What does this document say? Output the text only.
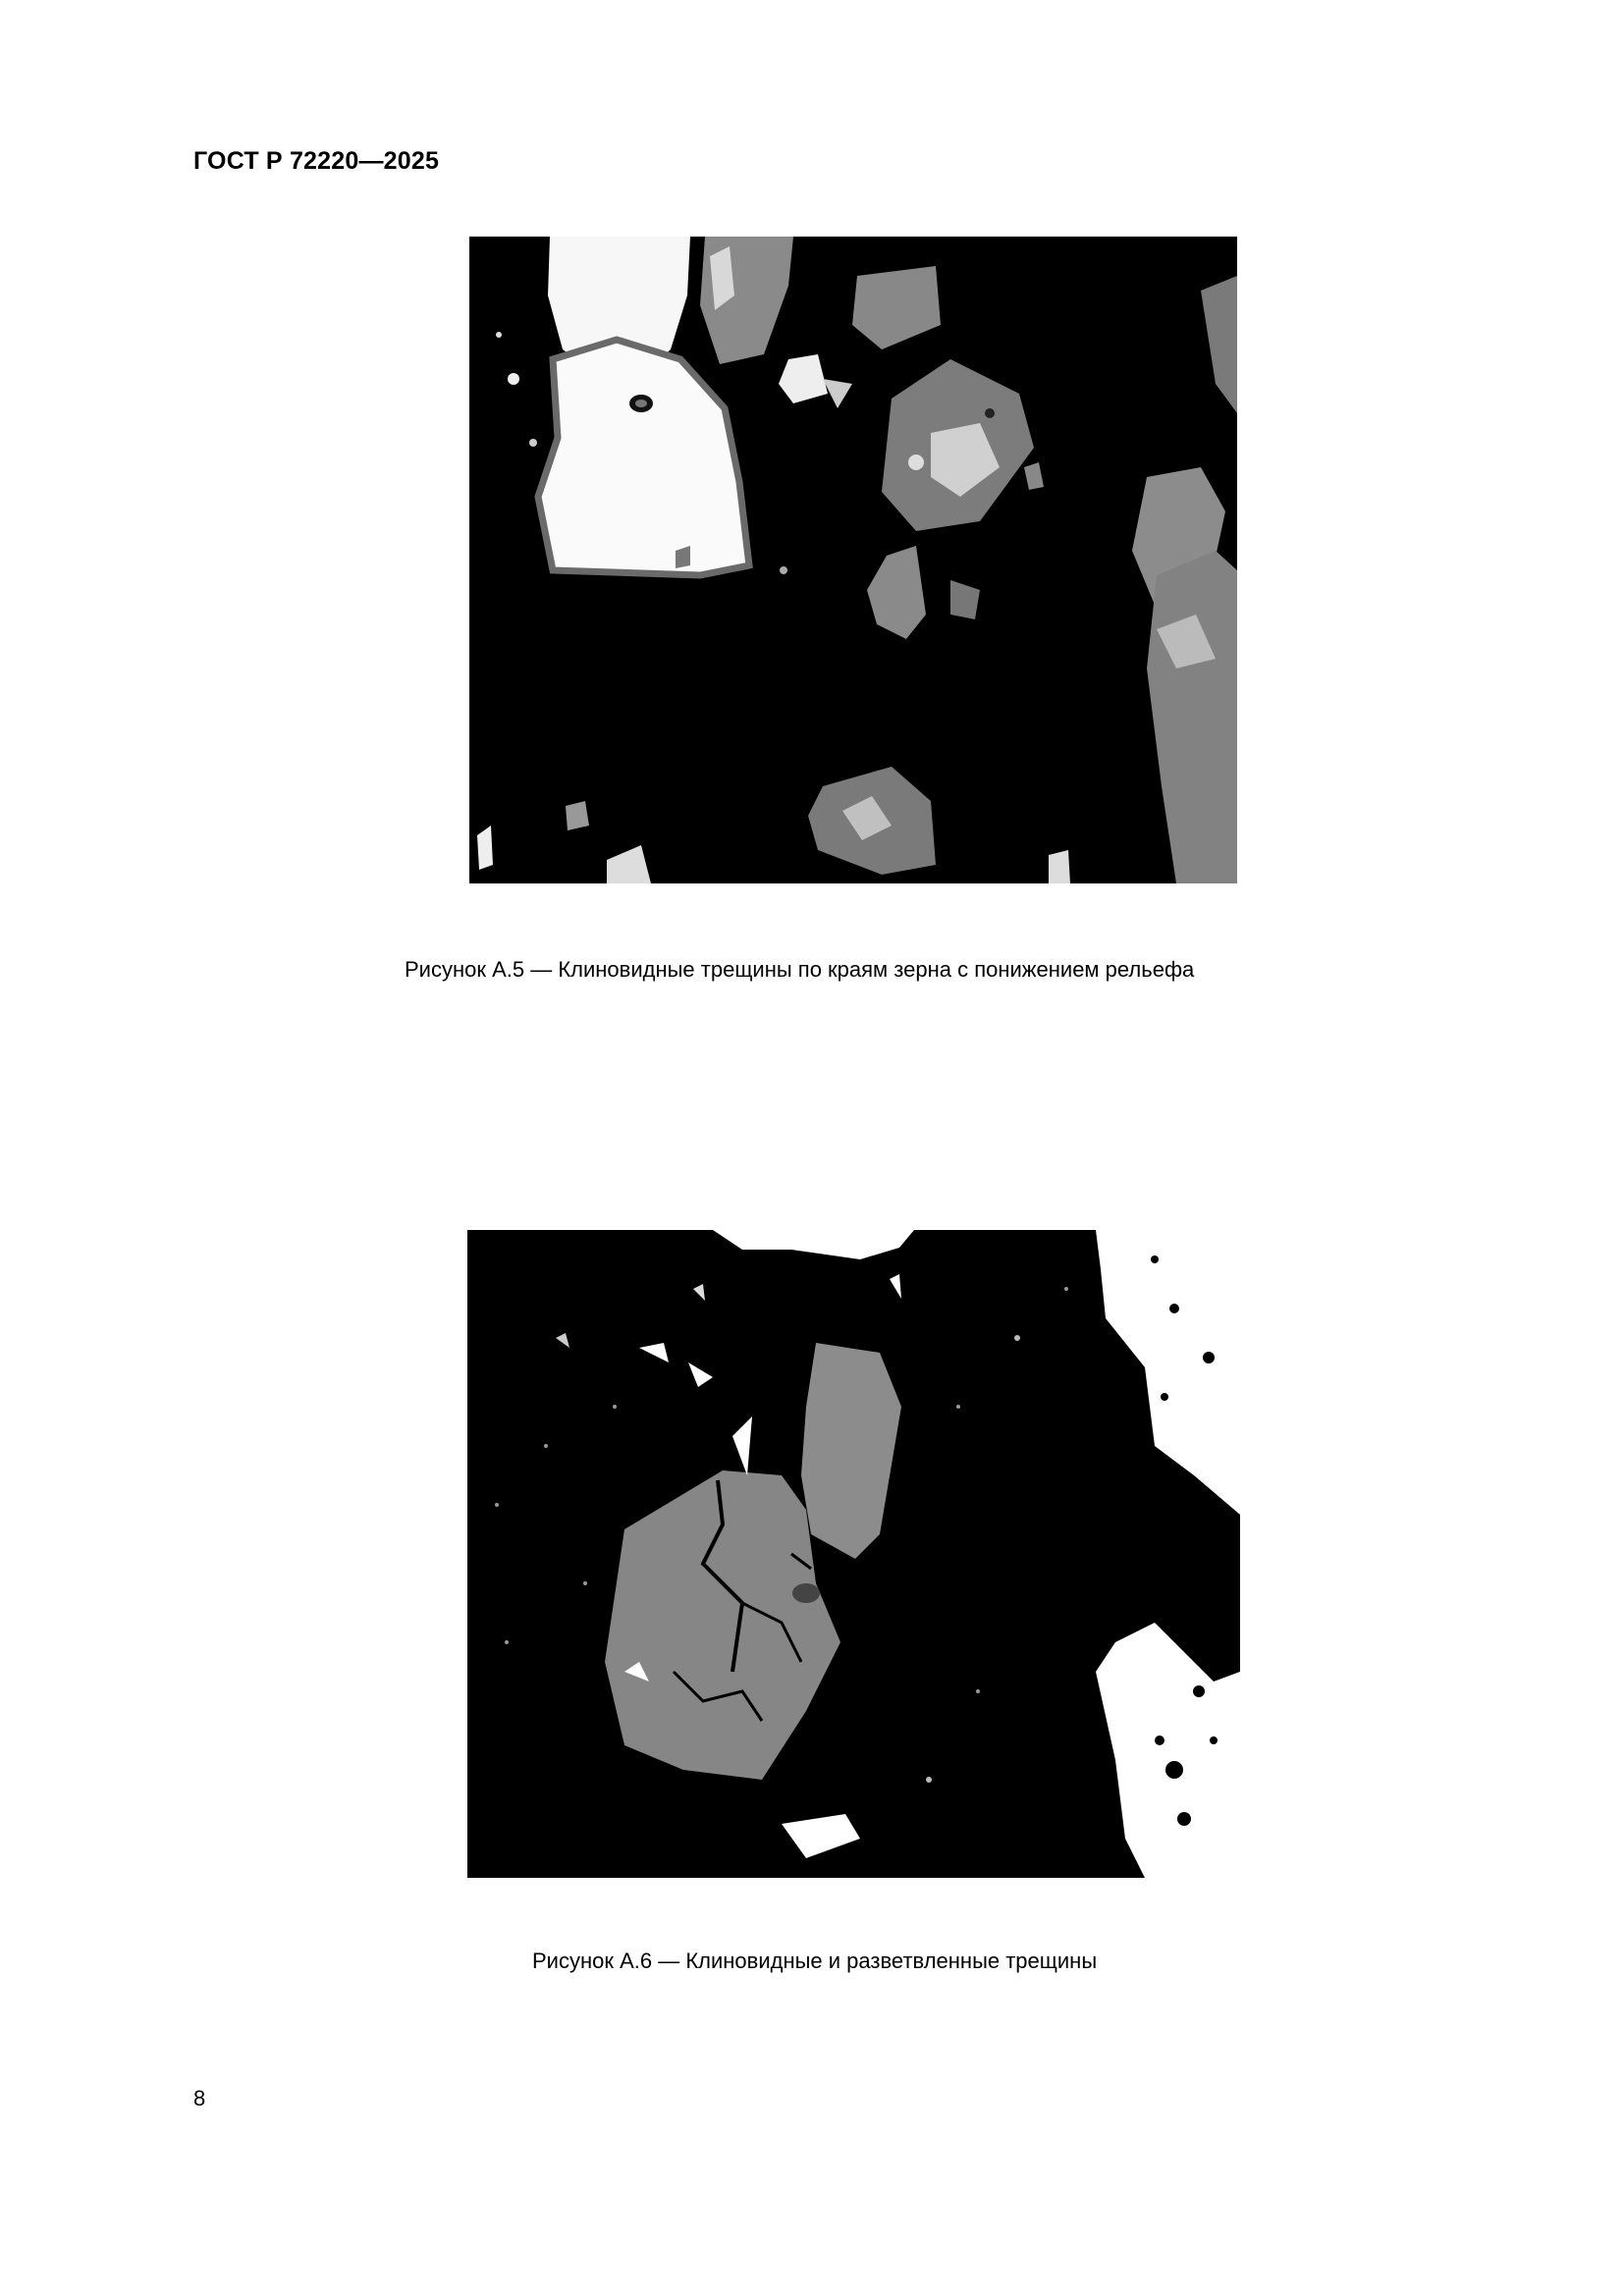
ГОСТ Р 72220—2025
Рисунок А.5 — Клиновидные трещины по краям зерна с понижением рельефа
Рисунок А.6 — Клиновидные и разветвленные трещины
8
